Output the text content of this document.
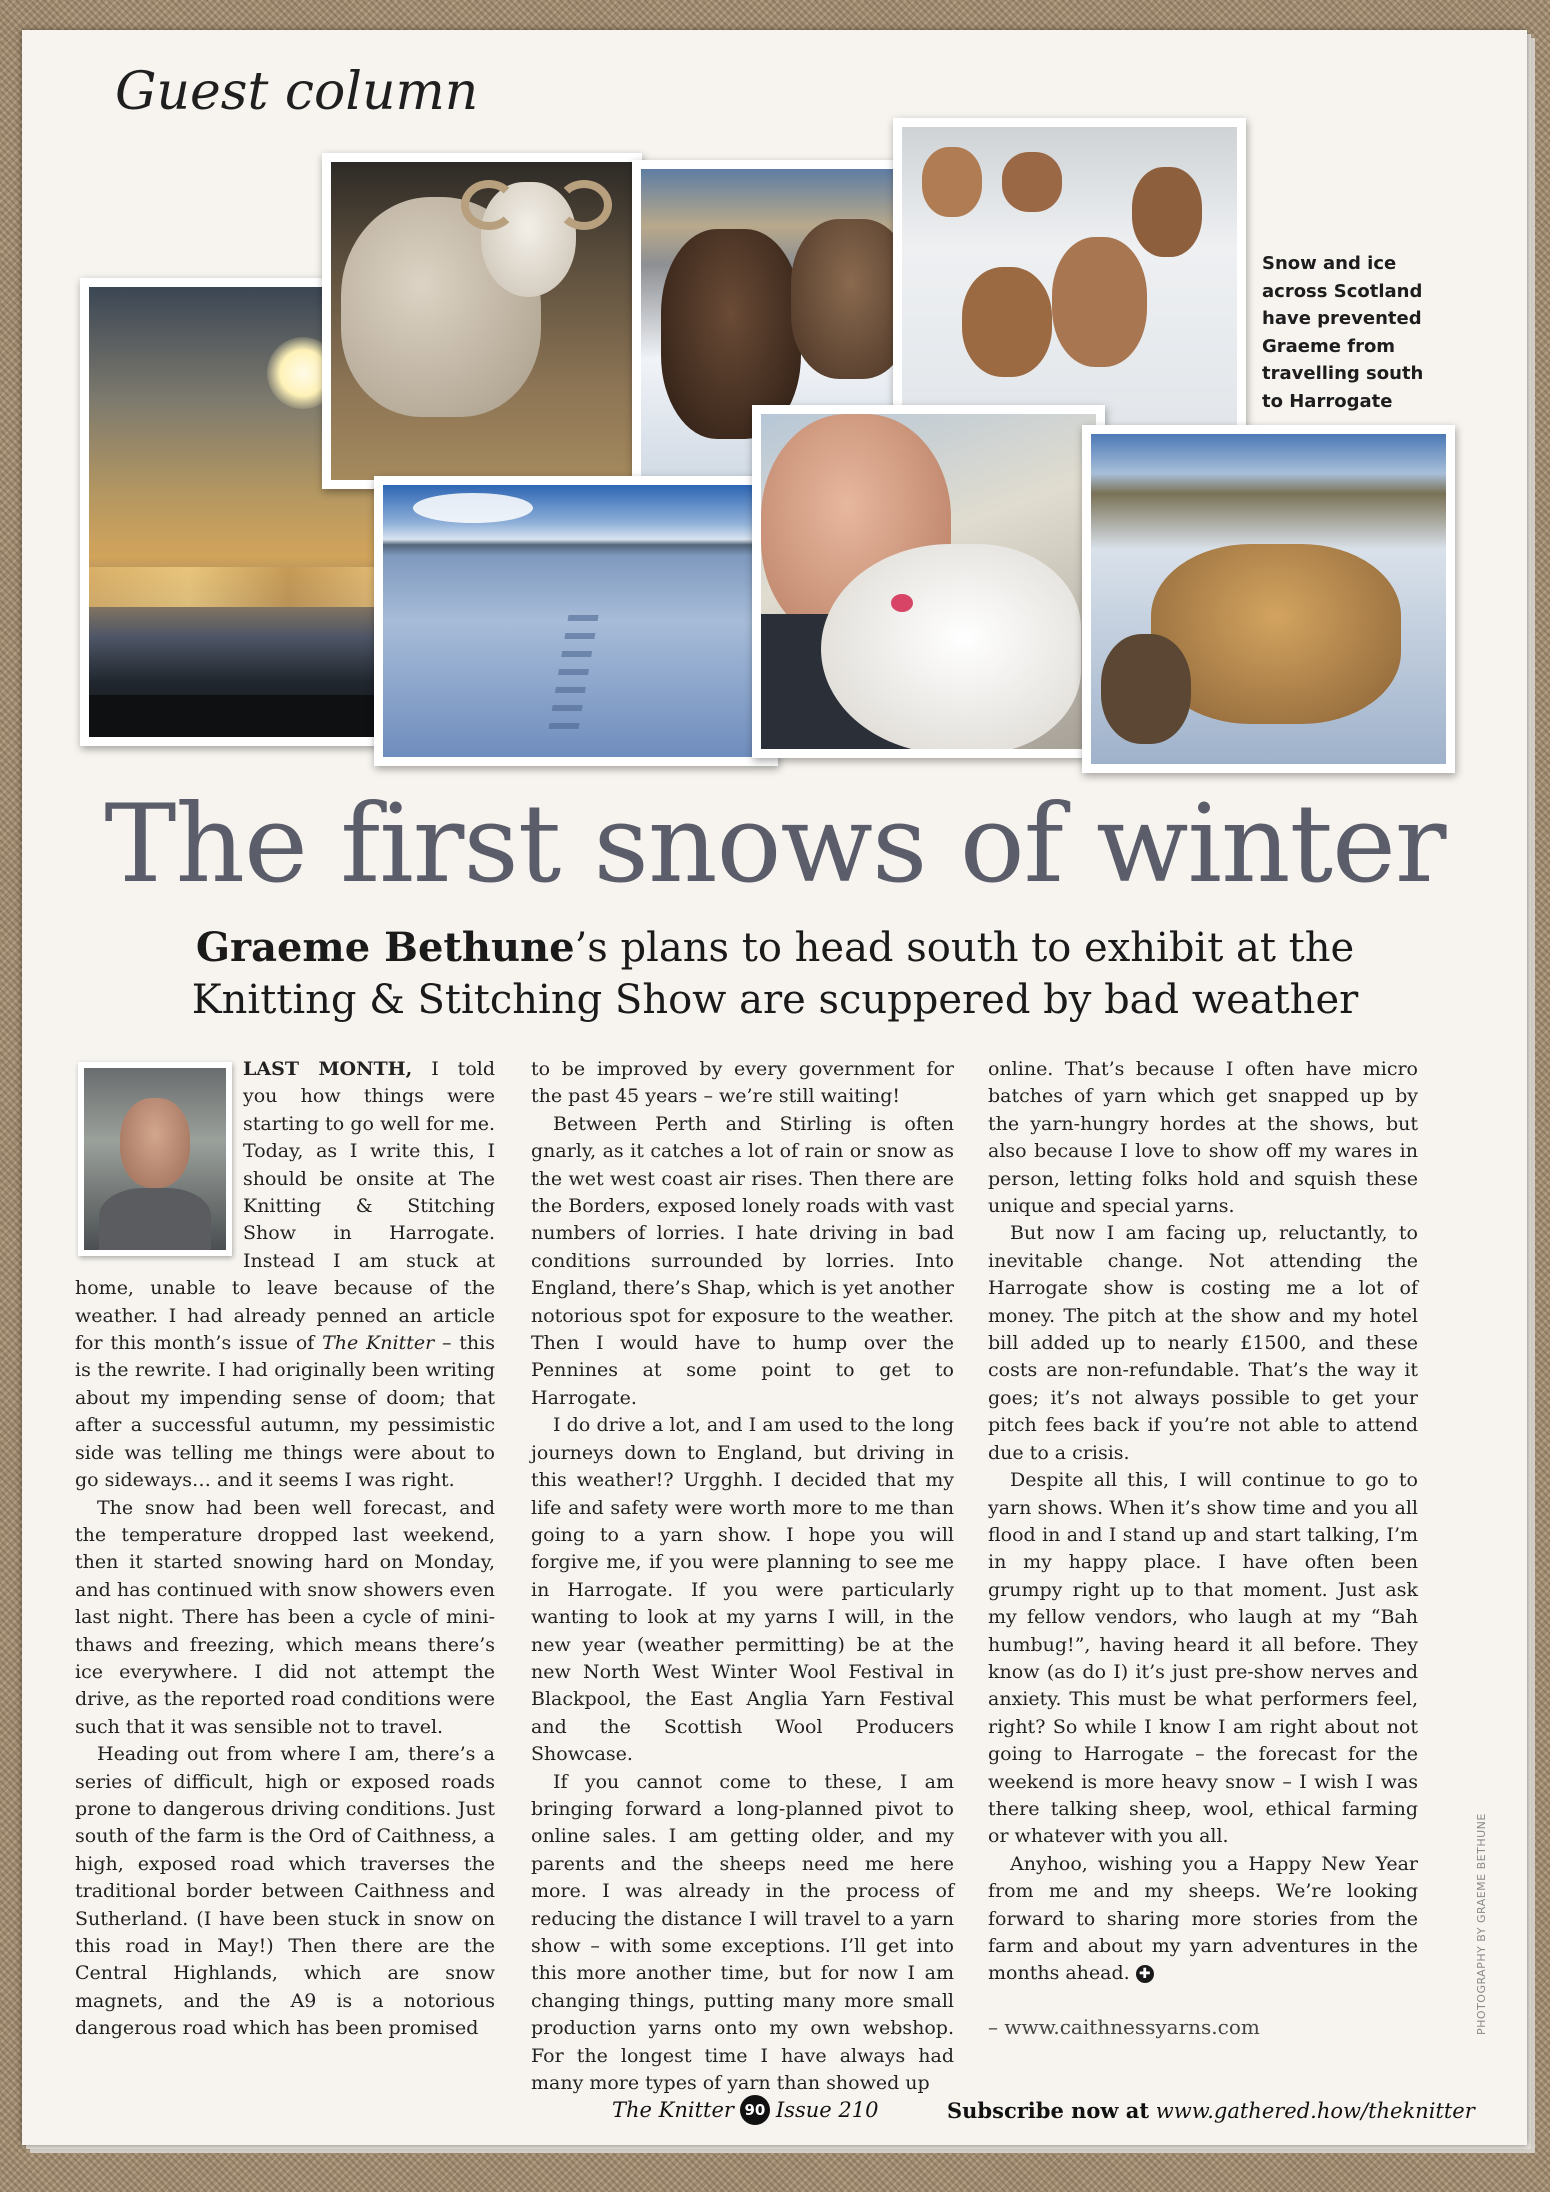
Guest column
Snow and ice across Scotland have prevented Graeme from travelling south to Harrogate
The first snows of winter
Graeme Bethune’s plans to head south to exhibit at the
Knitting & Stitching Show are scuppered by bad weather

LAST MONTH, I told you how things were starting to go well for me. Today, as I write this, I should be onsite at The Knitting & Stitching Show in Harrogate. Instead I am stuck at home, unable to leave because of the weather. I had already penned an article for this month’s issue of The Knitter – this is the rewrite. I had originally been writing about my impending sense of doom; that after a successful autumn, my pessimistic side was telling me things were about to go sideways… and it seems I was right.

The snow had been well forecast, and the temperature dropped last weekend, then it started snowing hard on Monday, and has continued with snow showers even last night. There has been a cycle of mini-thaws and freezing, which means there’s ice everywhere. I did not attempt the drive, as the reported road conditions were such that it was sensible not to travel.

Heading out from where I am, there’s a series of difficult, high or exposed roads prone to dangerous driving conditions. Just south of the farm is the Ord of Caithness, a high, exposed road which traverses the traditional border between Caithness and Sutherland. (I have been stuck in snow on this road in May!) Then there are the Central Highlands, which are snow magnets, and the A9 is a notorious dangerous road which has been promised

to be improved by every government for the past 45 years – we’re still waiting!

Between Perth and Stirling is often gnarly, as it catches a lot of rain or snow as the wet west coast air rises. Then there are the Borders, exposed lonely roads with vast numbers of lorries. I hate driving in bad conditions surrounded by lorries. Into England, there’s Shap, which is yet another notorious spot for exposure to the weather. Then I would have to hump over the Pennines at some point to get to Harrogate.

I do drive a lot, and I am used to the long journeys down to England, but driving in this weather!? Urgghh. I decided that my life and safety were worth more to me than going to a yarn show. I hope you will forgive me, if you were planning to see me in Harrogate. If you were particularly wanting to look at my yarns I will, in the new year (weather permitting) be at the new North West Winter Wool Festival in Blackpool, the East Anglia Yarn Festival and the Scottish Wool Producers Showcase.

If you cannot come to these, I am bringing forward a long-planned pivot to online sales. I am getting older, and my parents and the sheeps need me here more. I was already in the process of reducing the distance I will travel to a yarn show – with some exceptions. I’ll get into this more another time, but for now I am changing things, putting many more small production yarns onto my own webshop. For the longest time I have always had many more types of yarn than showed up

online. That’s because I often have micro batches of yarn which get snapped up by the yarn-hungry hordes at the shows, but also because I love to show off my wares in person, letting folks hold and squish these unique and special yarns.

But now I am facing up, reluctantly, to inevitable change. Not attending the Harrogate show is costing me a lot of money. The pitch at the show and my hotel bill added up to nearly £1500, and these costs are non-refundable. That’s the way it goes; it’s not always possible to get your pitch fees back if you’re not able to attend due to a crisis.

Despite all this, I will continue to go to yarn shows. When it’s show time and you all flood in and I stand up and start talking, I’m in my happy place. I have often been grumpy right up to that moment. Just ask my fellow vendors, who laugh at my “Bah humbug!”, having heard it all before. They know (as do I) it’s just pre-show nerves and anxiety. This must be what performers feel, right? So while I know I am right about not going to Harrogate – the forecast for the weekend is more heavy snow – I wish I was there talking sheep, wool, ethical farming or whatever with you all.

Anyhoo, wishing you a Happy New Year from me and my sheeps. We’re looking forward to sharing more stories from the farm and about my yarn adventures in the months ahead. ✚

– www.caithnessyarns.com

The Knitter 90 Issue 210	Subscribe now at www.gathered.how/theknitter
PHOTOGRAPHY BY GRAEME BETHUNE
